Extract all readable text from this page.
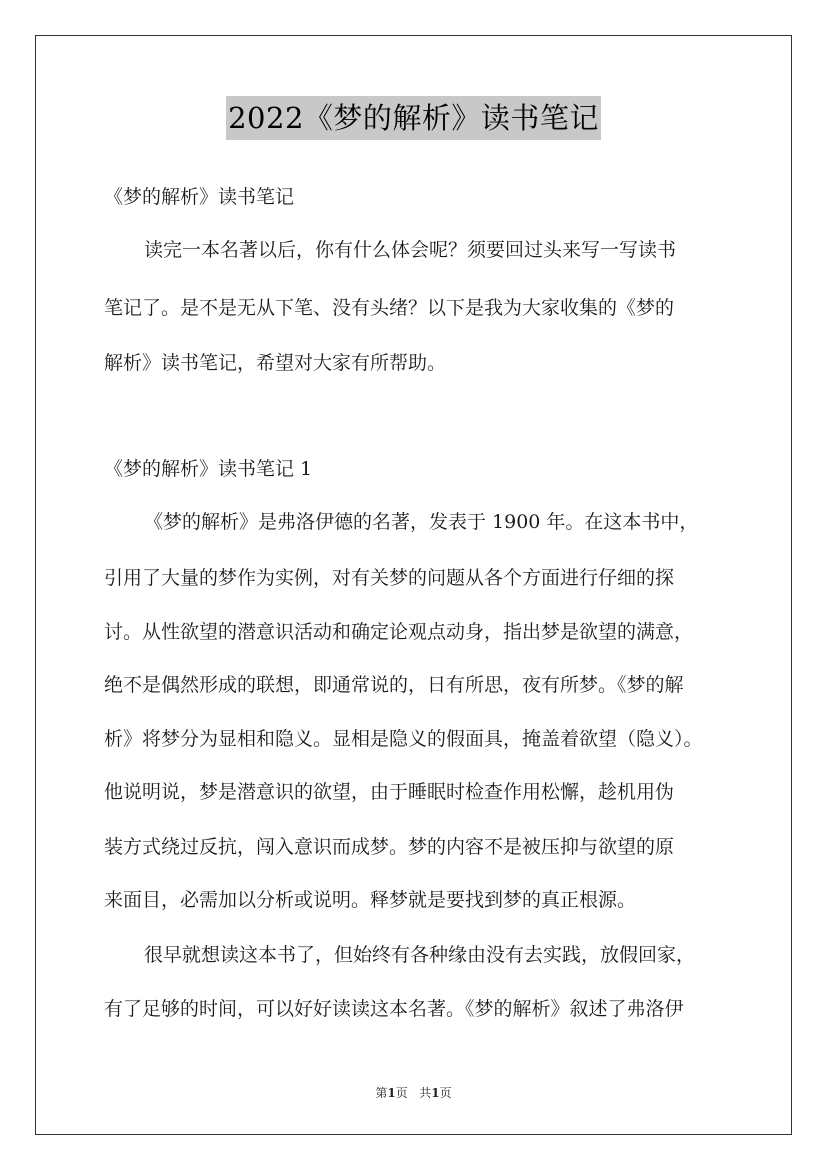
2022《梦的解析》读书笔记
《梦的解析》读书笔记
读完一本名著以后，你有什么体会呢？须要回过头来写一写读书
笔记了。是不是无从下笔、没有头绪？以下是我为大家收集的《梦的
解析》读书笔记，希望对大家有所帮助。
《梦的解析》读书笔记 1
《梦的解析》是弗洛伊德的名著，发表于 1900 年。在这本书中，
引用了大量的梦作为实例，对有关梦的问题从各个方面进行仔细的探
讨。从性欲望的潜意识活动和确定论观点动身，指出梦是欲望的满意，
绝不是偶然形成的联想，即通常说的，日有所思，夜有所梦。《梦的解
析》将梦分为显相和隐义。显相是隐义的假面具，掩盖着欲望（隐义）。
他说明说，梦是潜意识的欲望，由于睡眠时检查作用松懈，趁机用伪
装方式绕过反抗，闯入意识而成梦。梦的内容不是被压抑与欲望的原
来面目，必需加以分析或说明。释梦就是要找到梦的真正根源。
很早就想读这本书了，但始终有各种缘由没有去实践，放假回家，
有了足够的时间，可以好好读读这本名著。《梦的解析》叙述了弗洛伊
第1页 共1页
